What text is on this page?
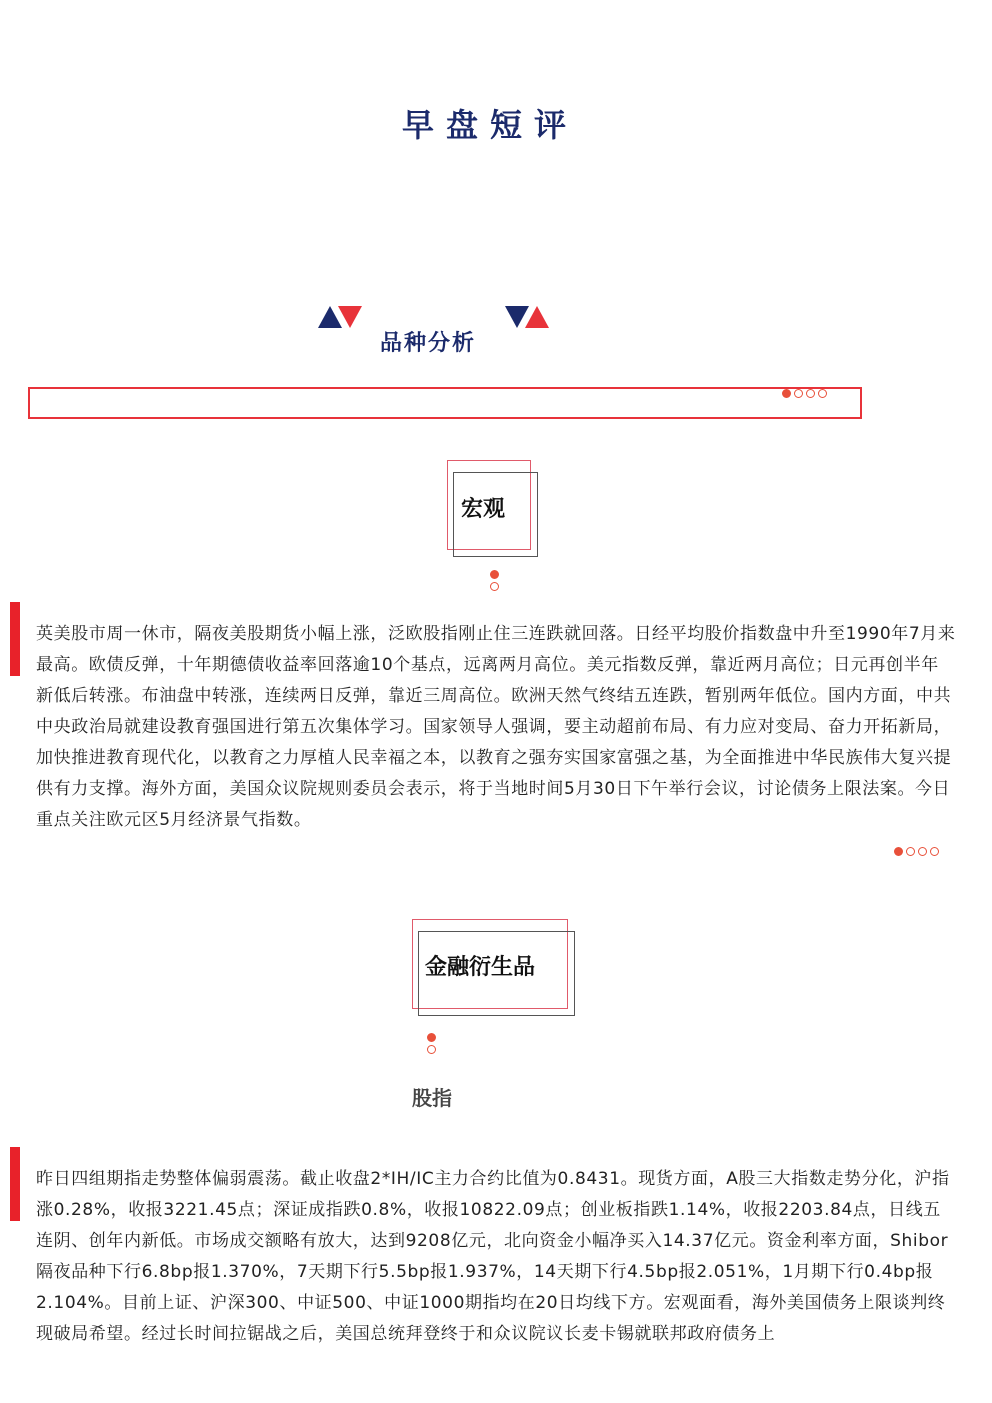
早盘短评
品种分析
宏观
英美股市周一休市，隔夜美股期货小幅上涨，泛欧股指刚止住三连跌就回落。日经平均股价指数盘中升至1990年7月来最高。欧债反弹，十年期德债收益率回落逾10个基点，远离两月高位。美元指数反弹，靠近两月高位；日元再创半年新低后转涨。布油盘中转涨，连续两日反弹，靠近三周高位。欧洲天然气终结五连跌，暂别两年低位。国内方面，中共中央政治局就建设教育强国进行第五次集体学习。国家领导人强调，要主动超前布局、有力应对变局、奋力开拓新局，加快推进教育现代化，以教育之力厚植人民幸福之本，以教育之强夯实国家富强之基，为全面推进中华民族伟大复兴提供有力支撑。海外方面，美国众议院规则委员会表示，将于当地时间5月30日下午举行会议，讨论债务上限法案。今日重点关注欧元区5月经济景气指数。
金融衍生品
股指
昨日四组期指走势整体偏弱震荡。截止收盘2*IH/IC主力合约比值为0.8431。现货方面，A股三大指数走势分化，沪指涨0.28%，收报3221.45点；深证成指跌0.8%，收报10822.09点；创业板指跌1.14%，收报2203.84点，日线五连阴、创年内新低。市场成交额略有放大，达到9208亿元，北向资金小幅净买入14.37亿元。资金利率方面，Shibor隔夜品种下行6.8bp报1.370%，7天期下行5.5bp报1.937%，14天期下行4.5bp报2.051%，1月期下行0.4bp报2.104%。目前上证、沪深300、中证500、中证1000期指均在20日均线下方。宏观面看，海外美国债务上限谈判终现破局希望。经过长时间拉锯战之后，美国总统拜登终于和众议院议长麦卡锡就联邦政府债务上
